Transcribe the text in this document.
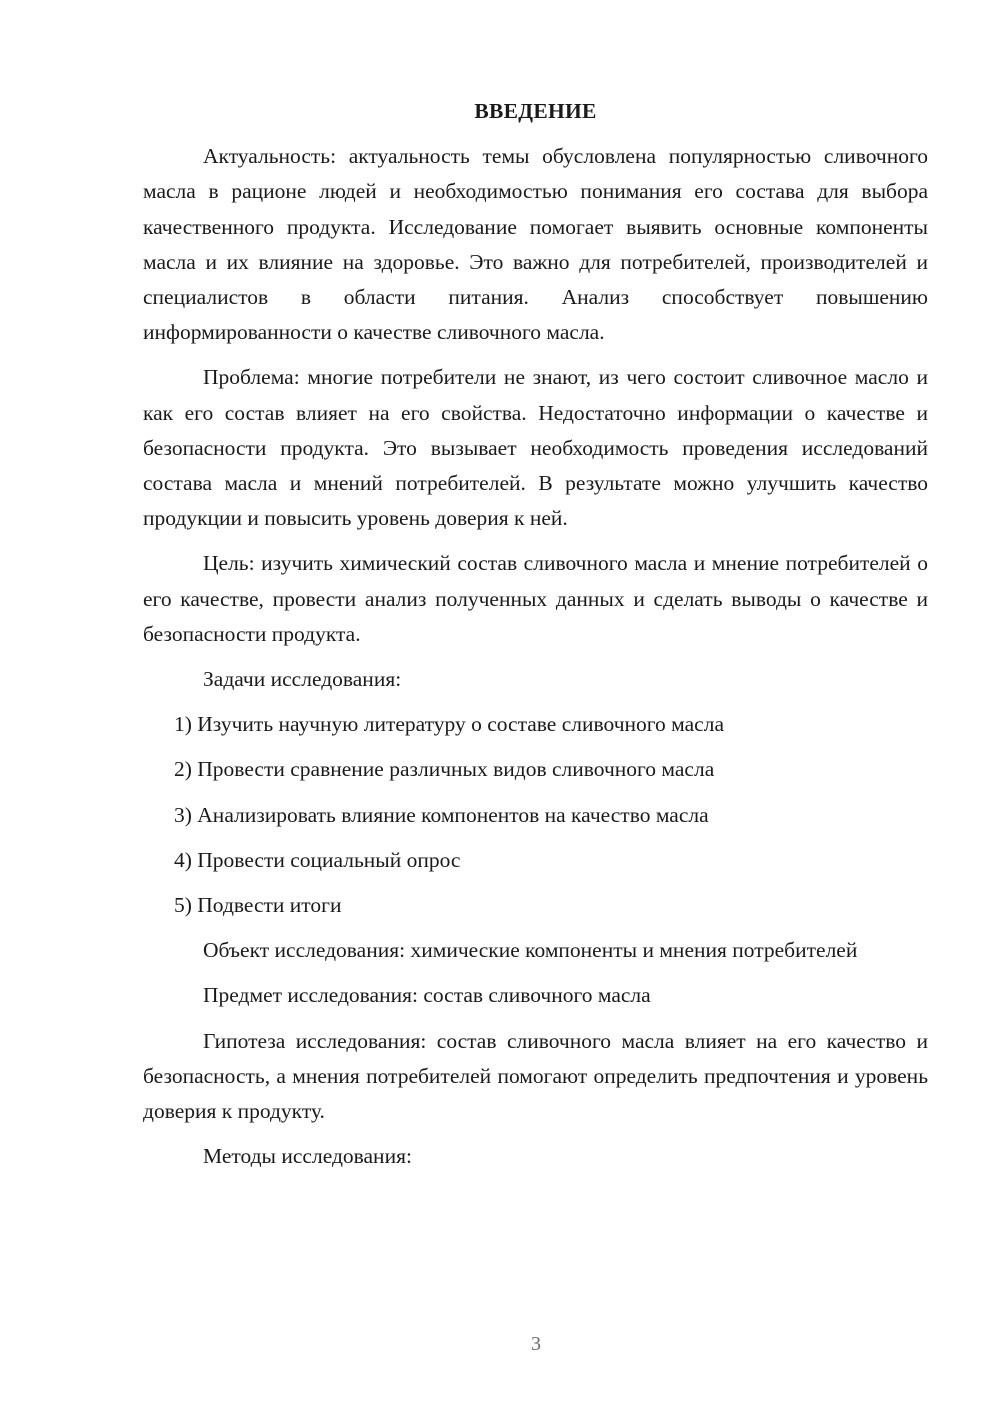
ВВЕДЕНИЕ
Актуальность: актуальность темы обусловлена популярностью сливочного масла в рационе людей и необходимостью понимания его состава для выбора качественного продукта. Исследование помогает выявить основные компоненты масла и их влияние на здоровье. Это важно для потребителей, производителей и специалистов в области питания. Анализ способствует повышению информированности о качестве сливочного масла.
Проблема: многие потребители не знают, из чего состоит сливочное масло и как его состав влияет на его свойства. Недостаточно информации о качестве и безопасности продукта. Это вызывает необходимость проведения исследований состава масла и мнений потребителей. В результате можно улучшить качество продукции и повысить уровень доверия к ней.
Цель: изучить химический состав сливочного масла и мнение потребителей о его качестве, провести анализ полученных данных и сделать выводы о качестве и безопасности продукта.
Задачи исследования:
1) Изучить научную литературу о составе сливочного масла
2) Провести сравнение различных видов сливочного масла
3) Анализировать влияние компонентов на качество масла
4) Провести социальный опрос
5) Подвести итоги
Объект исследования: химические компоненты и мнения потребителей
Предмет исследования: состав сливочного масла
Гипотеза исследования: состав сливочного масла влияет на его качество и безопасность, а мнения потребителей помогают определить предпочтения и уровень доверия к продукту.
Методы исследования:
3
